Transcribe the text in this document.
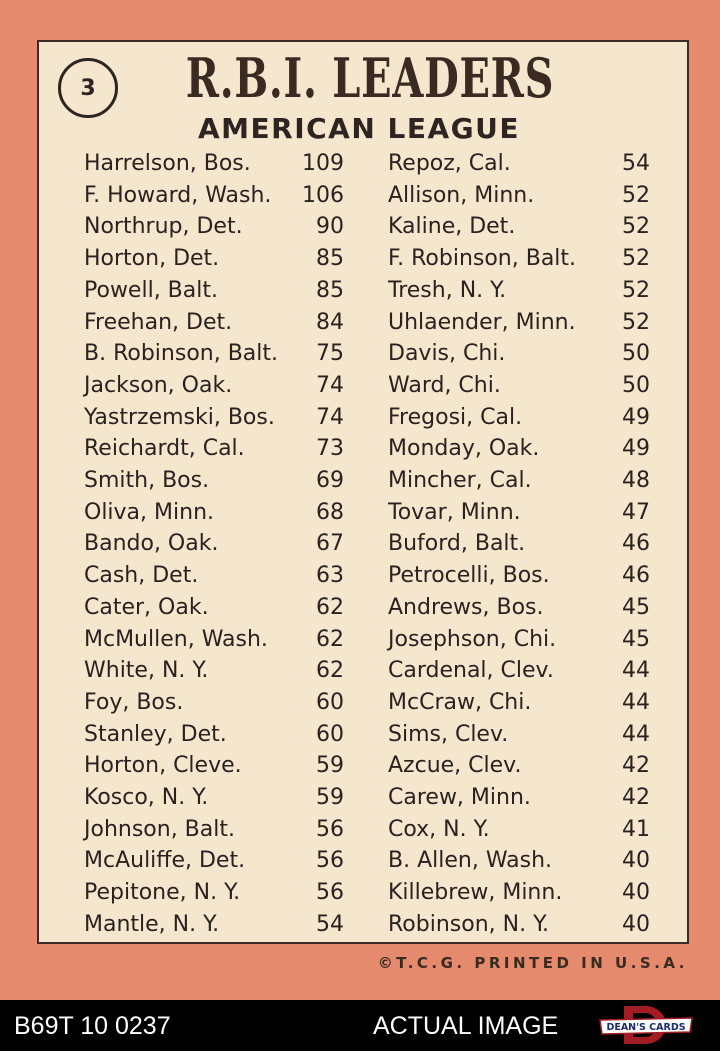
3 R.B.I. LEADERS
AMERICAN LEAGUE
Harrelson, Bos.	109
F. Howard, Wash.	106
Northrup, Det.	90
Horton, Det.	85
Powell, Balt.	85
Freehan, Det.	84
B. Robinson, Balt.	75
Jackson, Oak.	74
Yastrzemski, Bos.	74
Reichardt, Cal.	73
Smith, Bos.	69
Oliva, Minn.	68
Bando, Oak.	67
Cash, Det.	63
Cater, Oak.	62
McMullen, Wash.	62
White, N. Y.	62
Foy, Bos.	60
Stanley, Det.	60
Horton, Cleve.	59
Kosco, N. Y.	59
Johnson, Balt.	56
McAuliffe, Det.	56
Pepitone, N. Y.	56
Mantle, N. Y.	54
Repoz, Cal.	54
Allison, Minn.	52
Kaline, Det.	52
F. Robinson, Balt.	52
Tresh, N. Y.	52
Uhlaender, Minn.	52
Davis, Chi.	50
Ward, Chi.	50
Fregosi, Cal.	49
Monday, Oak.	49
Mincher, Cal.	48
Tovar, Minn.	47
Buford, Balt.	46
Petrocelli, Bos.	46
Andrews, Bos.	45
Josephson, Chi.	45
Cardenal, Clev.	44
McCraw, Chi.	44
Sims, Clev.	44
Azcue, Clev.	42
Carew, Minn.	42
Cox, N. Y.	41
B. Allen, Wash.	40
Killebrew, Minn.	40
Robinson, N. Y.	40
©T.C.G. PRINTED IN U.S.A.
B69T 10 0237	ACTUAL IMAGE	DEAN'S CARDS
